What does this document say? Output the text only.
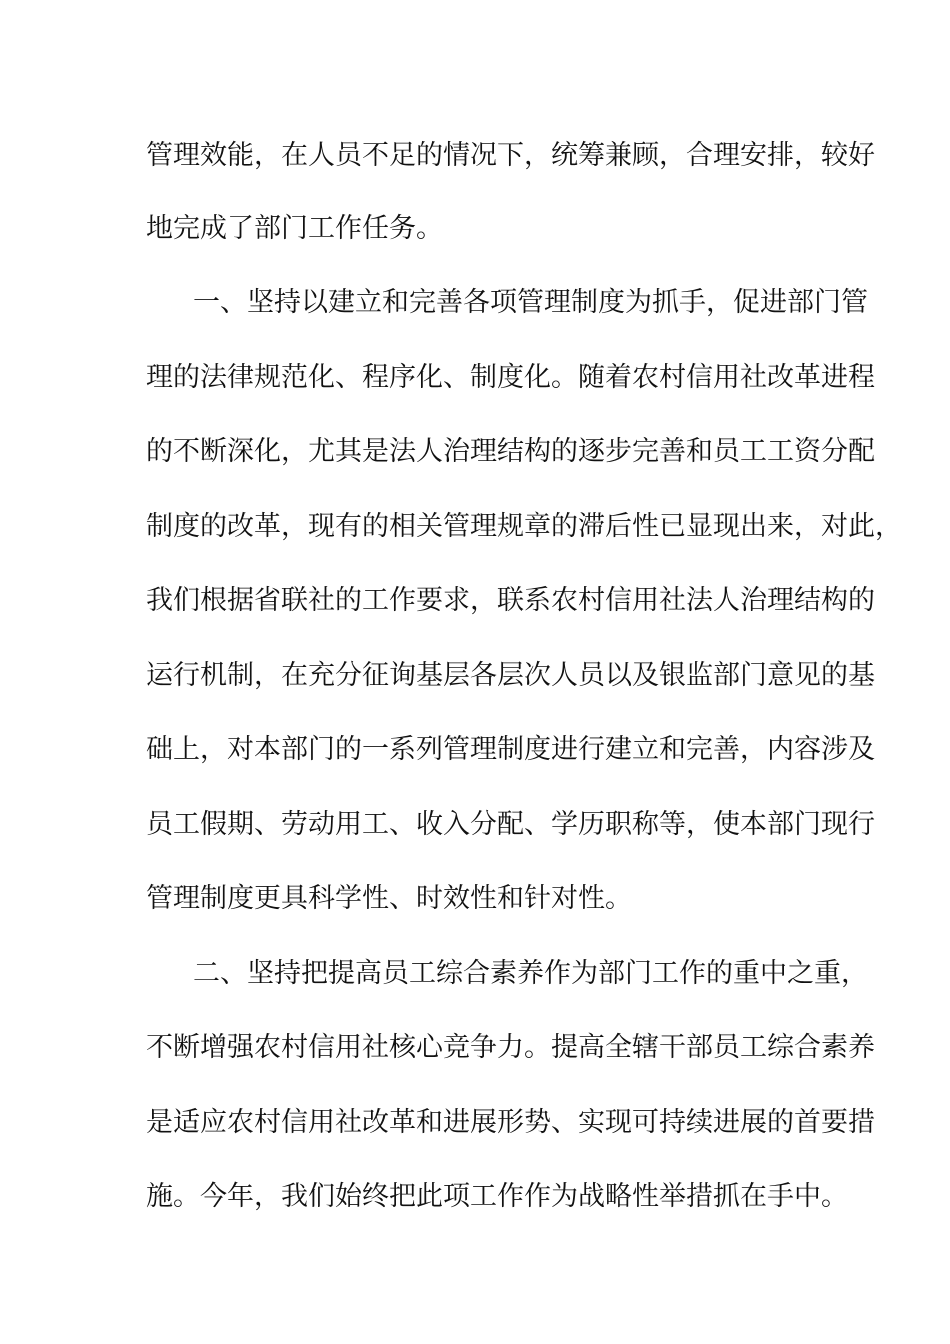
管理效能，在人员不足的情况下，统筹兼顾，合理安排，较好
地完成了部门工作任务。
一、坚持以建立和完善各项管理制度为抓手，促进部门管
理的法律规范化、程序化、制度化。随着农村信用社改革进程
的不断深化，尤其是法人治理结构的逐步完善和员工工资分配
制度的改革，现有的相关管理规章的滞后性已显现出来，对此，
我们根据省联社的工作要求，联系农村信用社法人治理结构的
运行机制，在充分征询基层各层次人员以及银监部门意见的基
础上，对本部门的一系列管理制度进行建立和完善，内容涉及
员工假期、劳动用工、收入分配、学历职称等，使本部门现行
管理制度更具科学性、时效性和针对性。
二、坚持把提高员工综合素养作为部门工作的重中之重，
不断增强农村信用社核心竞争力。提高全辖干部员工综合素养
是适应农村信用社改革和进展形势、实现可持续进展的首要措
施。今年，我们始终把此项工作作为战略性举措抓在手中。
